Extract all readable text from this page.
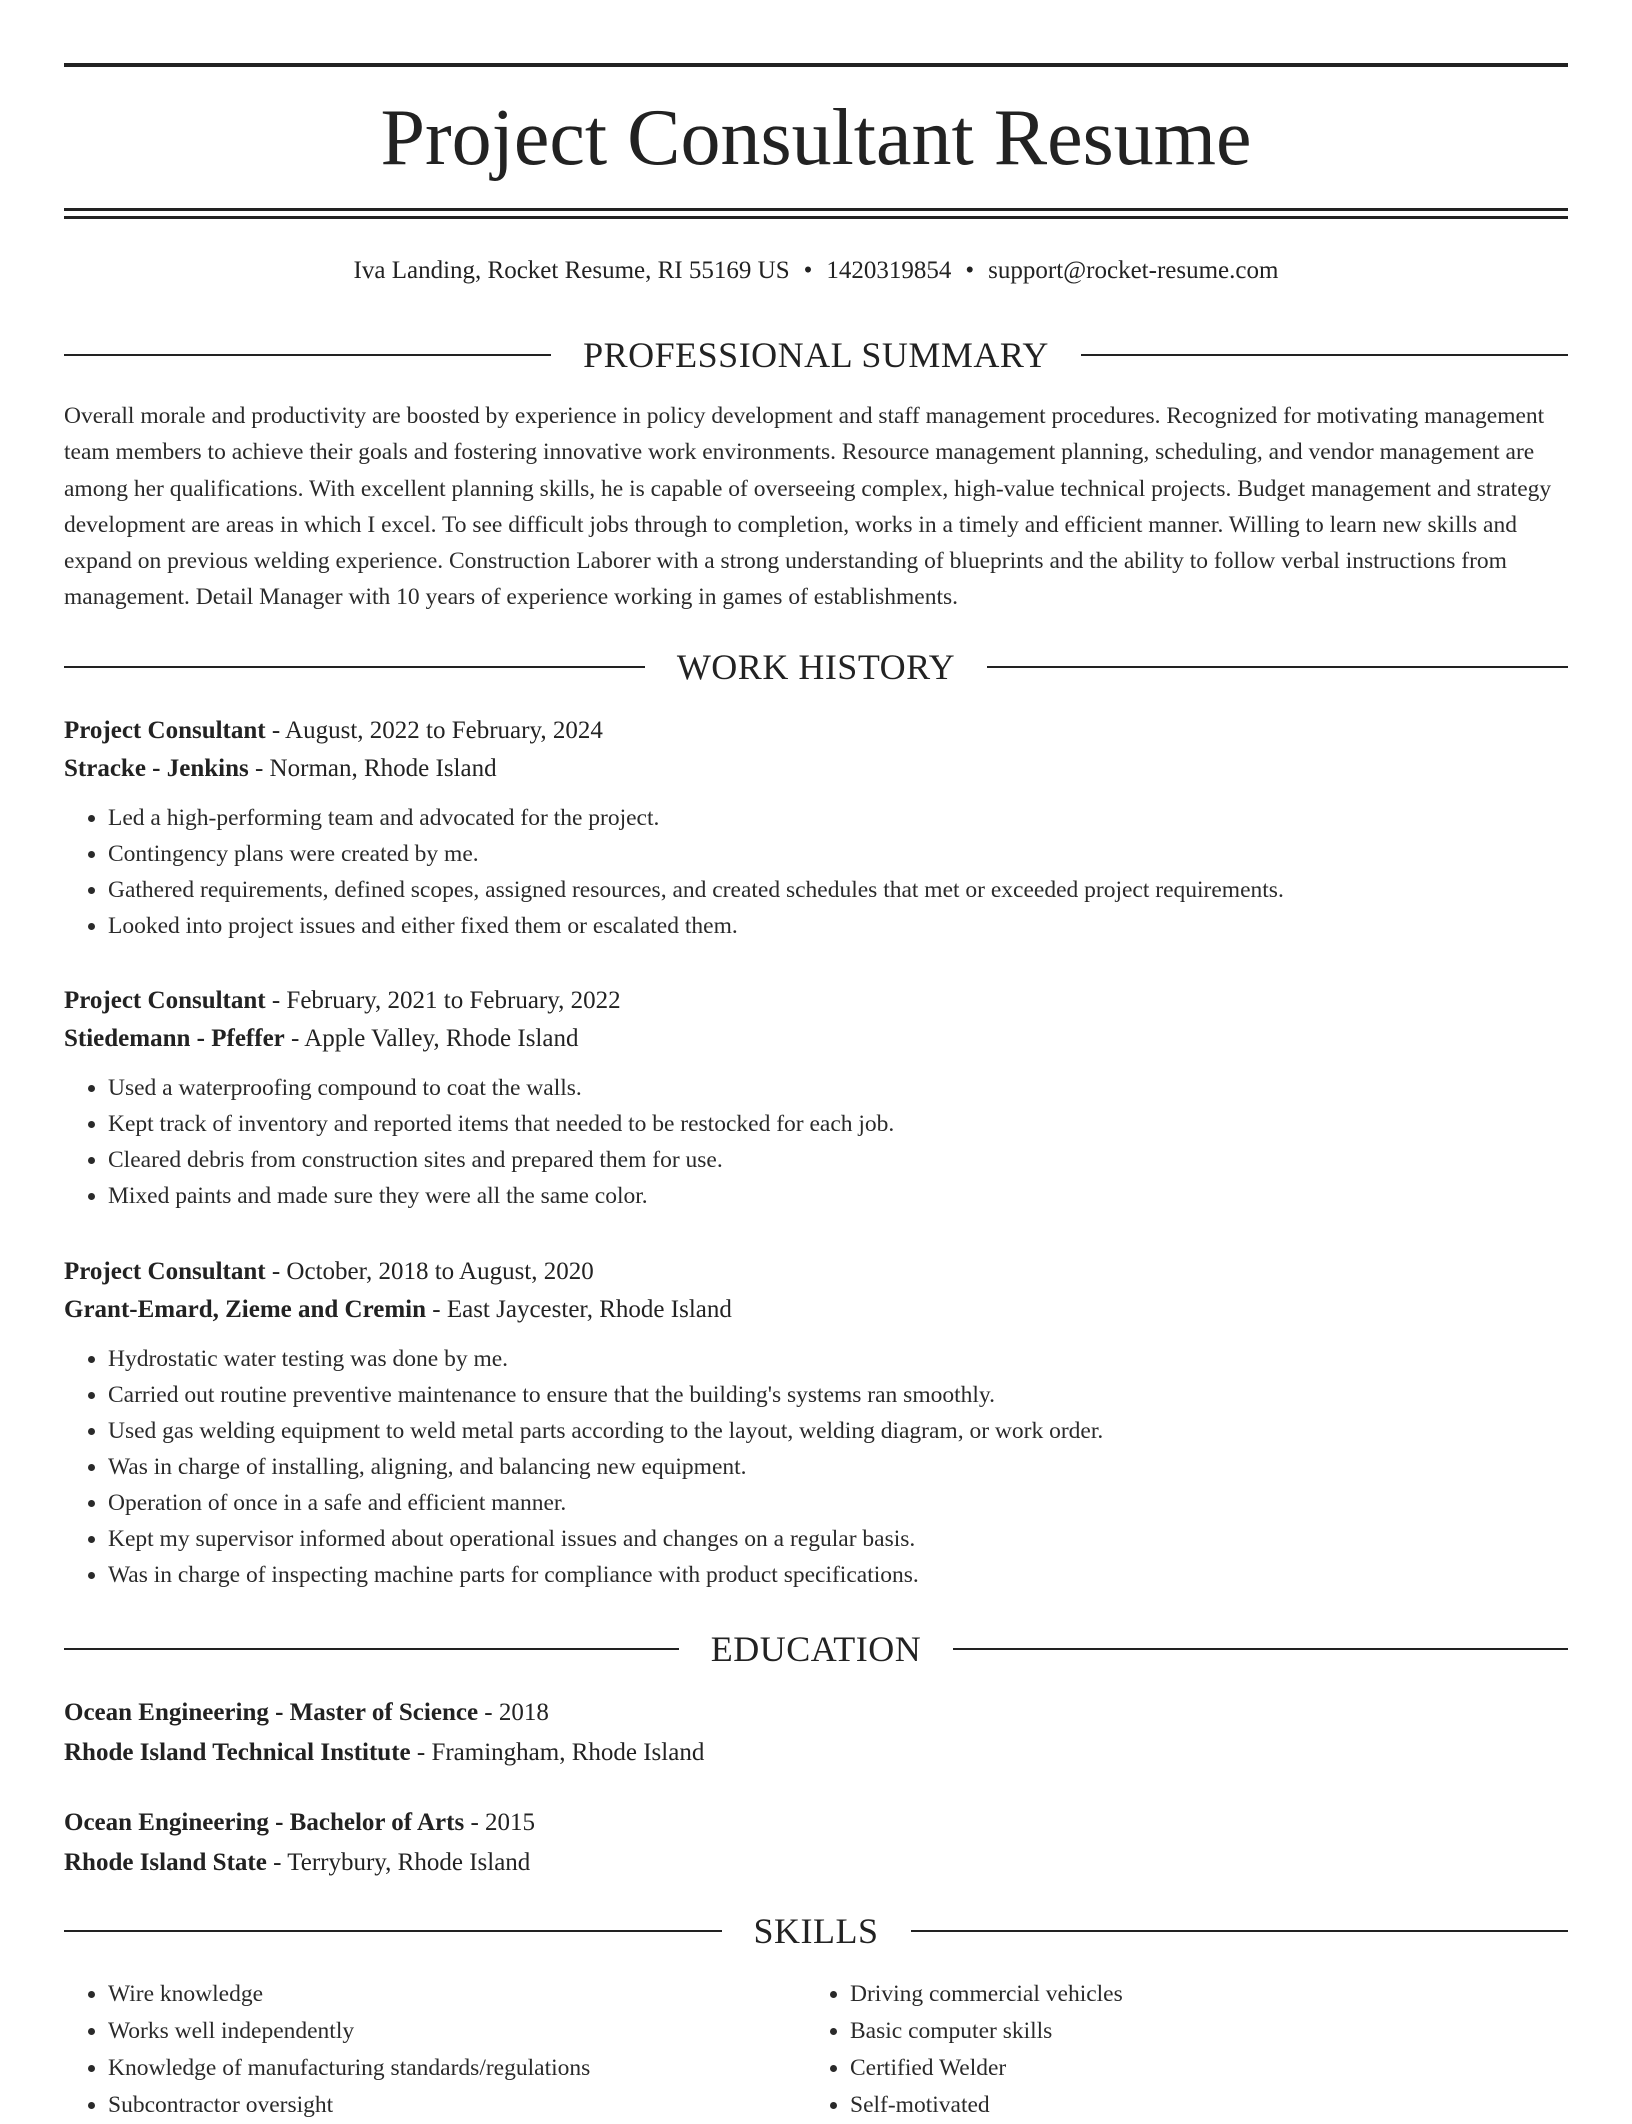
Project Consultant Resume
Iva Landing, Rocket Resume, RI 55169 US • 1420319854 • support@rocket-resume.com
PROFESSIONAL SUMMARY
Overall morale and productivity are boosted by experience in policy development and staff management procedures. Recognized for motivating management team members to achieve their goals and fostering innovative work environments. Resource management planning, scheduling, and vendor management are among her qualifications. With excellent planning skills, he is capable of overseeing complex, high-value technical projects. Budget management and strategy development are areas in which I excel. To see difficult jobs through to completion, works in a timely and efficient manner. Willing to learn new skills and expand on previous welding experience. Construction Laborer with a strong understanding of blueprints and the ability to follow verbal instructions from management. Detail Manager with 10 years of experience working in games of establishments.
WORK HISTORY
Project Consultant - August, 2022 to February, 2024
Stracke - Jenkins - Norman, Rhode Island
• Led a high-performing team and advocated for the project.
• Contingency plans were created by me.
• Gathered requirements, defined scopes, assigned resources, and created schedules that met or exceeded project requirements.
• Looked into project issues and either fixed them or escalated them.
Project Consultant - February, 2021 to February, 2022
Stiedemann - Pfeffer - Apple Valley, Rhode Island
• Used a waterproofing compound to coat the walls.
• Kept track of inventory and reported items that needed to be restocked for each job.
• Cleared debris from construction sites and prepared them for use.
• Mixed paints and made sure they were all the same color.
Project Consultant - October, 2018 to August, 2020
Grant-Emard, Zieme and Cremin - East Jaycester, Rhode Island
• Hydrostatic water testing was done by me.
• Carried out routine preventive maintenance to ensure that the building's systems ran smoothly.
• Used gas welding equipment to weld metal parts according to the layout, welding diagram, or work order.
• Was in charge of installing, aligning, and balancing new equipment.
• Operation of once in a safe and efficient manner.
• Kept my supervisor informed about operational issues and changes on a regular basis.
• Was in charge of inspecting machine parts for compliance with product specifications.
EDUCATION
Ocean Engineering - Master of Science - 2018
Rhode Island Technical Institute - Framingham, Rhode Island
Ocean Engineering - Bachelor of Arts - 2015
Rhode Island State - Terrybury, Rhode Island
SKILLS
• Wire knowledge
• Works well independently
• Knowledge of manufacturing standards/regulations
• Subcontractor oversight
• Driving commercial vehicles
• Basic computer skills
• Certified Welder
• Self-motivated
